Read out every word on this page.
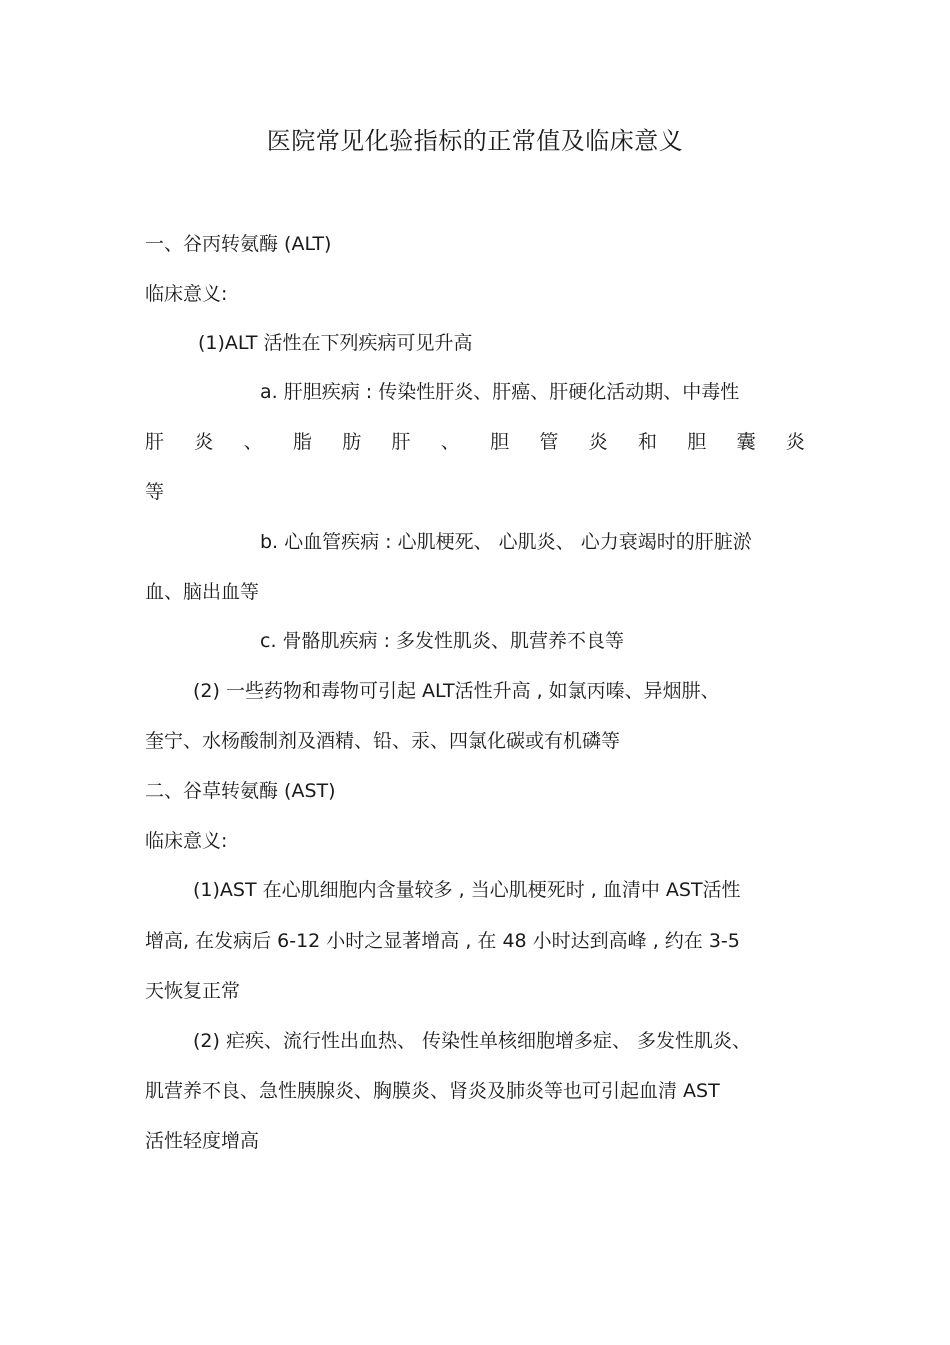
医院常见化验指标的正常值及临床意义
一、谷丙转氨酶 (ALT)
临床意义:
(1)ALT 活性在下列疾病可见升高
a. 肝胆疾病 : 传染性肝炎、肝癌、肝硬化活动期、中毒性
肝 炎 、 脂 肪 肝 、 胆 管 炎 和 胆 囊 炎
等
b. 心血管疾病 : 心肌梗死、 心肌炎、 心力衰竭时的肝脏淤
血、脑出血等
c. 骨骼肌疾病 : 多发性肌炎、肌营养不良等
(2) 一些药物和毒物可引起 ALT活性升高 , 如氯丙嗪、异烟肼、
奎宁、水杨酸制剂及酒精、铅、汞、四氯化碳或有机磷等
二、谷草转氨酶 (AST)
临床意义:
(1)AST 在心肌细胞内含量较多 , 当心肌梗死时 , 血清中 AST活性
增高, 在发病后 6-12 小时之显著增高 , 在 48 小时达到高峰 , 约在 3-5
天恢复正常
(2) 疟疾、流行性出血热、 传染性单核细胞增多症、 多发性肌炎、
肌营养不良、急性胰腺炎、胸膜炎、肾炎及肺炎等也可引起血清 AST
活性轻度增高
